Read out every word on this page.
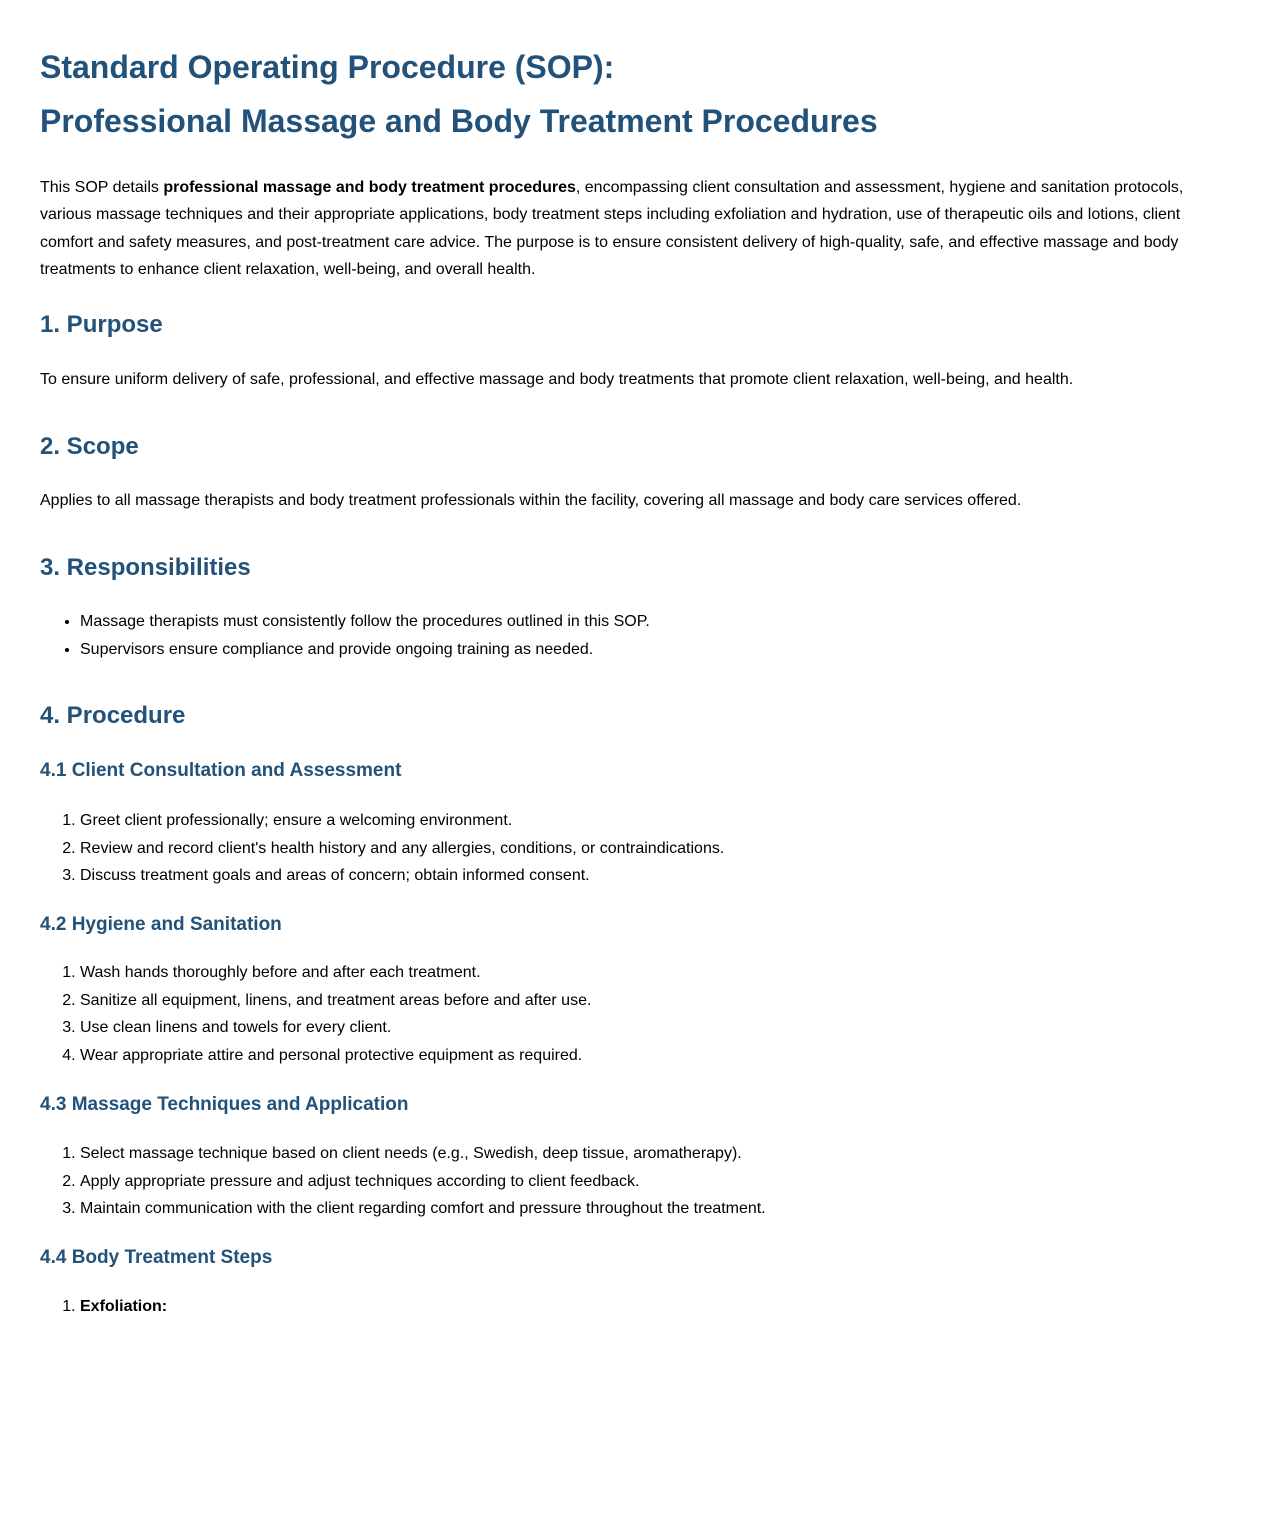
Standard Operating Procedure (SOP):
Professional Massage and Body Treatment Procedures

This SOP details professional massage and body treatment procedures, encompassing client consultation and assessment, hygiene and sanitation protocols, various massage techniques and their appropriate applications, body treatment steps including exfoliation and hydration, use of therapeutic oils and lotions, client comfort and safety measures, and post-treatment care advice. The purpose is to ensure consistent delivery of high-quality, safe, and effective massage and body treatments to enhance client relaxation, well-being, and overall health.

1. Purpose

To ensure uniform delivery of safe, professional, and effective massage and body treatments that promote client relaxation, well-being, and health.

2. Scope

Applies to all massage therapists and body treatment professionals within the facility, covering all massage and body care services offered.

3. Responsibilities
• Massage therapists must consistently follow the procedures outlined in this SOP.
• Supervisors ensure compliance and provide ongoing training as needed.
4. Procedure
4.1 Client Consultation and Assessment
1. Greet client professionally; ensure a welcoming environment.
2. Review and record client's health history and any allergies, conditions, or contraindications.
3. Discuss treatment goals and areas of concern; obtain informed consent.
4.2 Hygiene and Sanitation
1. Wash hands thoroughly before and after each treatment.
2. Sanitize all equipment, linens, and treatment areas before and after use.
3. Use clean linens and towels for every client.
4. Wear appropriate attire and personal protective equipment as required.
4.3 Massage Techniques and Application
1. Select massage technique based on client needs (e.g., Swedish, deep tissue, aromatherapy).
2. Apply appropriate pressure and adjust techniques according to client feedback.
3. Maintain communication with the client regarding comfort and pressure throughout the treatment.
4.4 Body Treatment Steps
1. Exfoliation:
